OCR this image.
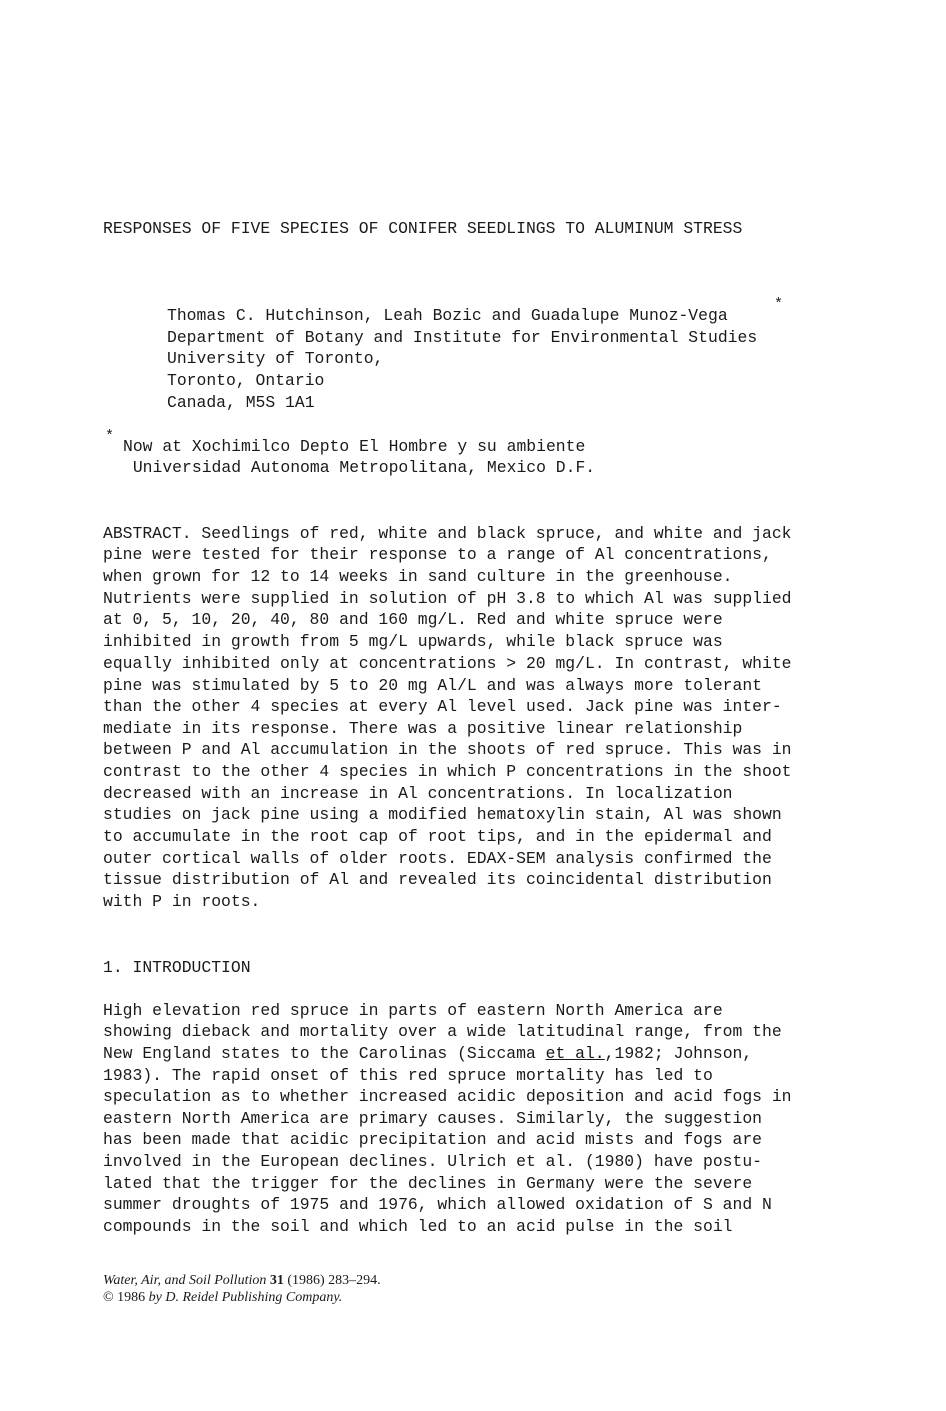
RESPONSES OF FIVE SPECIES OF CONIFER SEEDLINGS TO ALUMINUM STRESS
Thomas C. Hutchinson, Leah Bozic and Guadalupe Munoz-Vega
*
Department of Botany and Institute for Environmental Studies
University of Toronto,
Toronto, Ontario
Canada, M5S 1A1
*
Now at Xochimilco Depto El Hombre y su ambiente
Universidad Autonoma Metropolitana, Mexico D.F.
ABSTRACT. Seedlings of red, white and black spruce, and white and jack
pine were tested for their response to a range of Al concentrations,
when grown for 12 to 14 weeks in sand culture in the greenhouse.
Nutrients were supplied in solution of pH 3.8 to which Al was supplied
at 0, 5, 10, 20, 40, 80 and 160 mg/L. Red and white spruce were
inhibited in growth from 5 mg/L upwards, while black spruce was
equally inhibited only at concentrations > 20 mg/L. In contrast, white
pine was stimulated by 5 to 20 mg Al/L and was always more tolerant
than the other 4 species at every Al level used. Jack pine was inter-
mediate in its response. There was a positive linear relationship
between P and Al accumulation in the shoots of red spruce. This was in
contrast to the other 4 species in which P concentrations in the shoot
decreased with an increase in Al concentrations. In localization
studies on jack pine using a modified hematoxylin stain, Al was shown
to accumulate in the root cap of root tips, and in the epidermal and
outer cortical walls of older roots. EDAX-SEM analysis confirmed the
tissue distribution of Al and revealed its coincidental distribution
with P in roots.
1. INTRODUCTION
High elevation red spruce in parts of eastern North America are
showing dieback and mortality over a wide latitudinal range, from the
New England states to the Carolinas (Siccama et al.,1982; Johnson,
1983). The rapid onset of this red spruce mortality has led to
speculation as to whether increased acidic deposition and acid fogs in
eastern North America are primary causes. Similarly, the suggestion
has been made that acidic precipitation and acid mists and fogs are
involved in the European declines. Ulrich et al. (1980) have postu-
lated that the trigger for the declines in Germany were the severe
summer droughts of 1975 and 1976, which allowed oxidation of S and N
compounds in the soil and which led to an acid pulse in the soil
Water, Air, and Soil Pollution 31 (1986) 283–294.
© 1986 by D. Reidel Publishing Company.
